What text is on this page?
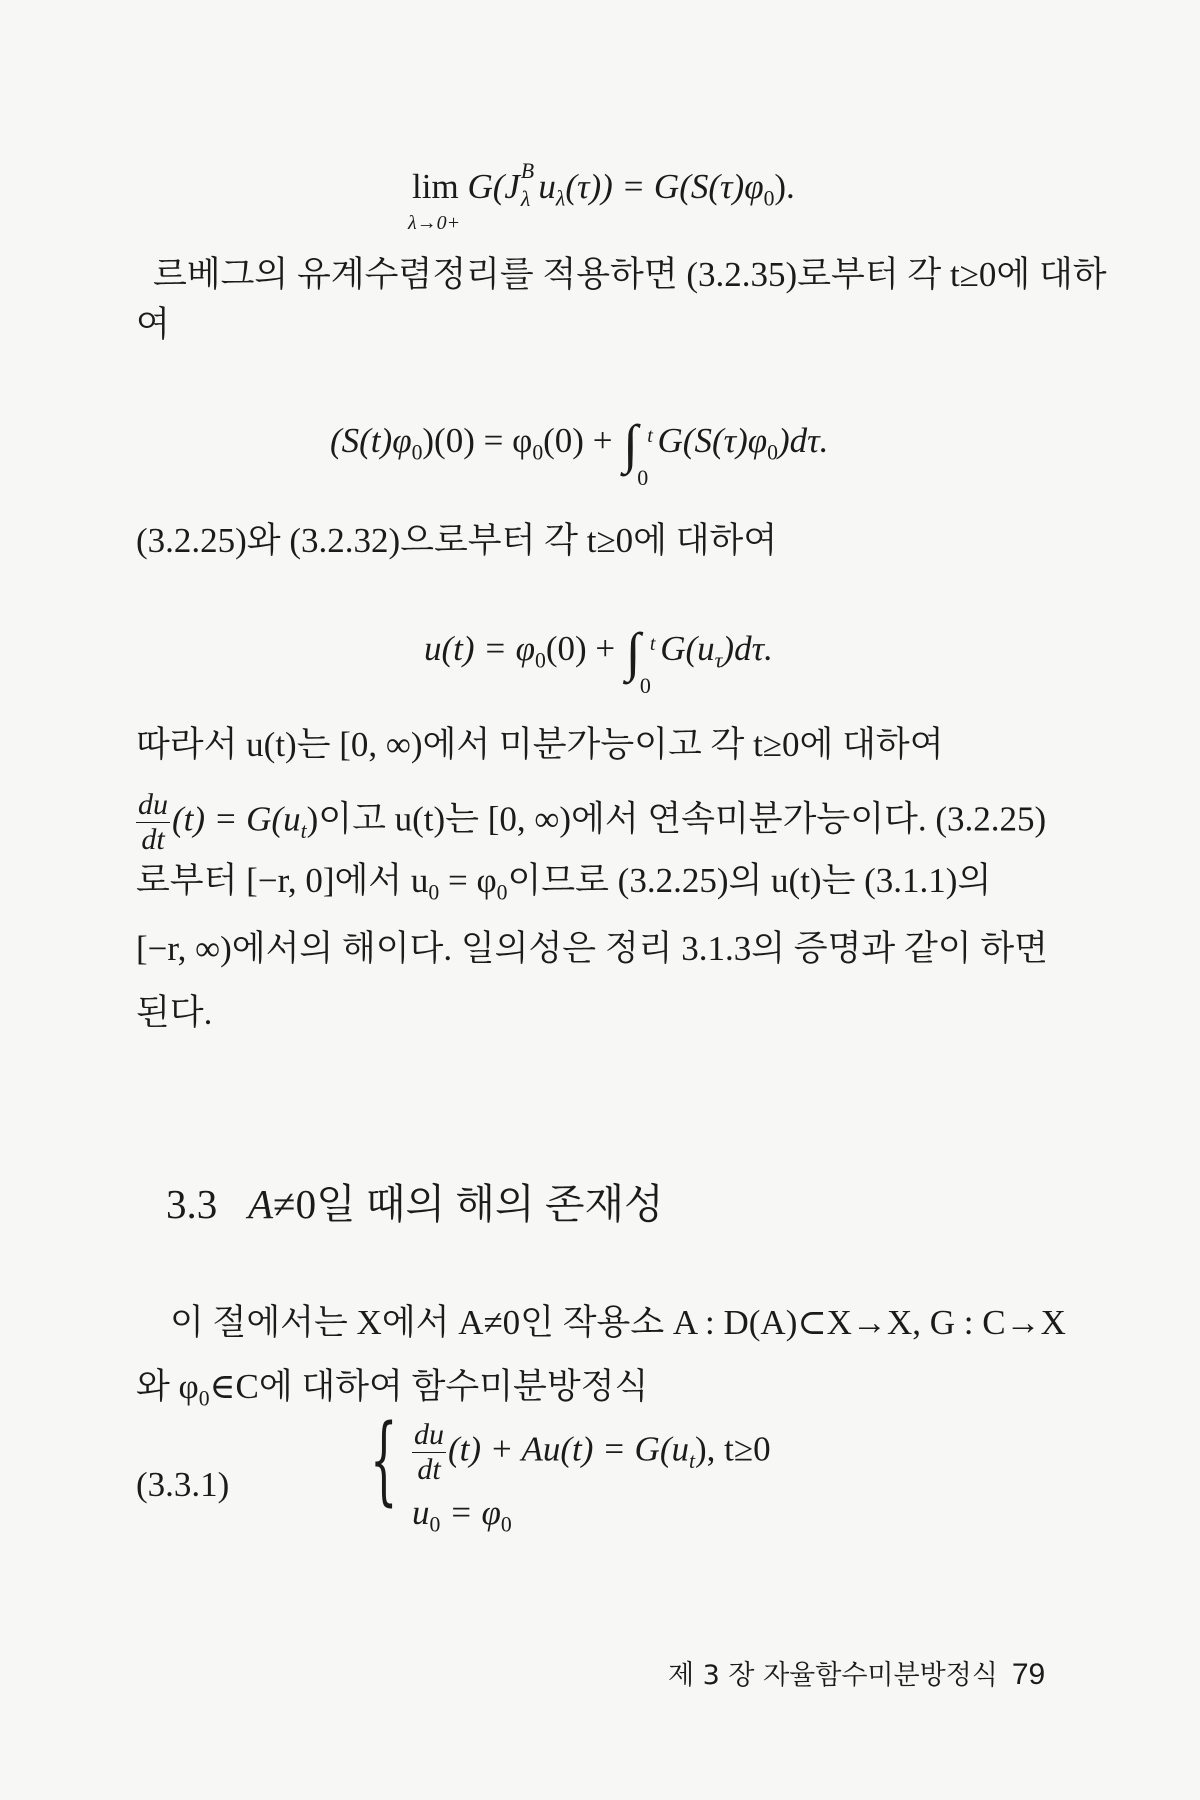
lim
λ→0+
G(J B
λ $u_\lambda(\tau)) = G(S(\tau)\varphi_0)$.
르베그의 유계수렴정리를 적용하면 (3.2.35)로부터 각 t≥0에 대하
여
$(S(t)\varphi_0)(0) = \varphi_0(0)$ + ∫ t
0
$G(S(\tau)\varphi_0)d\tau$.
(3.2.25)와 (3.2.32)으로부터 각 t≥0에 대하여
$u(t) = \varphi_0(0)$ + ∫ t
0
$G(u_\tau)d\tau$.
따라서 u(t)는 [0, ∞)에서 미분가능이고 각 t≥0에 대하여
$\frac{du}{dt} (t) = G(u_t)$이고 u(t)는 [0, ∞)에서 연속미분가능이다. (3.2.25)
로부터 [−r, 0]에서 $u_0 = \varphi_0$이므로 (3.2.25)의 u(t)는 (3.1.1)의
[−r, ∞)에서의 해이다. 일의성은 정리 3.1.3의 증명과 같이 하면
된다.
3.3 A≠0일 때의 해의 존재성
이 절에서는 X에서 A≠0인 작용소 A : D(A)⊂X→X, G : C→X
와 $\varphi_0\in C$에 대하여 함수미분방정식
(3.3.1) { $\frac{du}{dt} (t) + Au(t) = G(u_t)$, t≥0
$u_0 = \varphi_0$
제 3 장 자율함수미분방정식 79
